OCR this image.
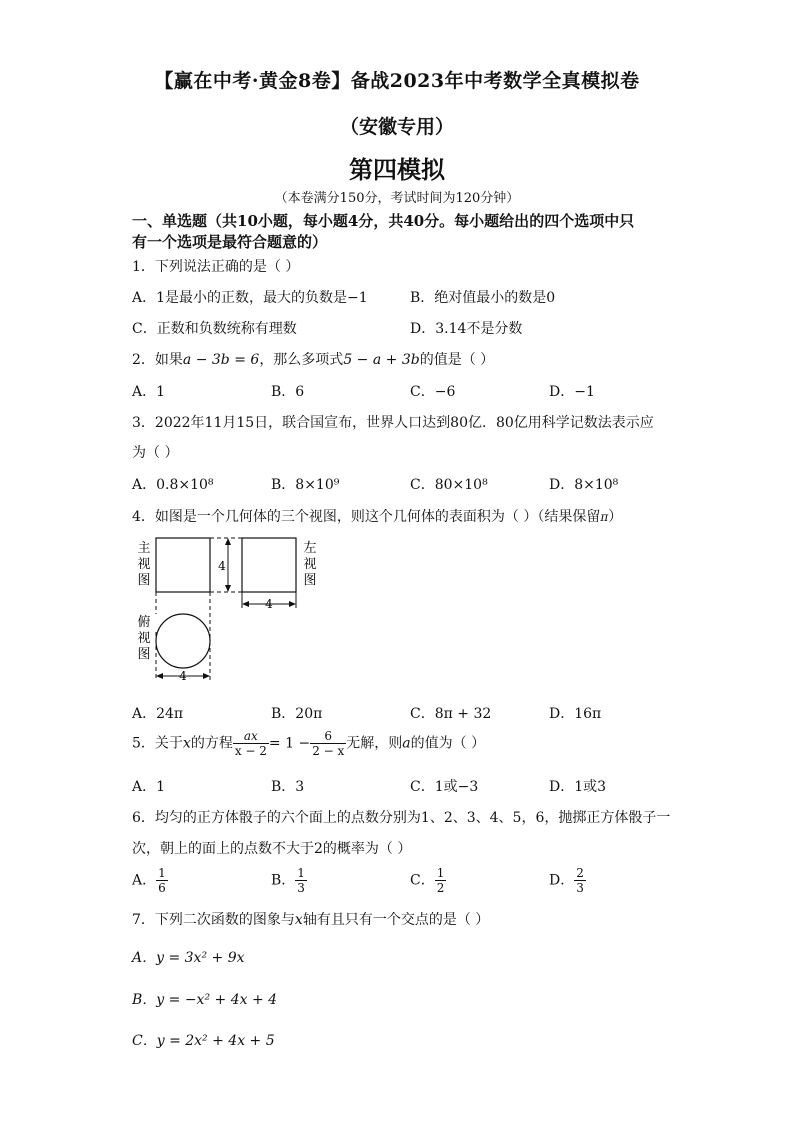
【赢在中考·黄金8卷】备战2023年中考数学全真模拟卷
（安徽专用）
第四模拟
（本卷满分150分，考试时间为120分钟）
一、单选题（共10小题，每小题4分，共40分。每小题给出的四个选项中只
有一个选项是最符合题意的）
1．下列说法正确的是（ ）
A．1是最小的正数，最大的负数是−1	B．绝对值最小的数是0
C．正数和负数统称有理数	D．3.14不是分数
2．如果a − 3b = 6，那么多项式5 − a + 3b的值是（ ）
A．1	B．6	C．−6	D．−1
3．2022年11月15日，联合国宣布，世界人口达到80亿．80亿用科学记数法表示应
为（ ）
A．0.8×10⁸	B．8×10⁹	C．80×10⁸	D．8×10⁸
4．如图是一个几何体的三个视图，则这个几何体的表面积为（ ）（结果保留π）
主
视
图
4
左
视
图
4
俯
视
图
4
A．24π	B．20π	C．8π + 32	D．16π
5．关于x的方程 $\frac{ax}{x - 2} = 1 - \frac{6}{2 - x}$ 无解，则a的值为（ ）
A．1	B．3	C．1或−3	D．1或3
6．均匀的正方体骰子的六个面上的点数分别为1、2、3、4、5，6，抛掷正方体骰子一
次，朝上的面上的点数不大于2的概率为（ ）
A． $\frac{1}{6}$	B． $\frac{1}{3}$	C． $\frac{1}{2}$	D． $\frac{2}{3}$
7．下列二次函数的图象与x轴有且只有一个交点的是（ ）
A．y = 3x² + 9x
B．y = −x² + 4x + 4
C．y = 2x² + 4x + 5
